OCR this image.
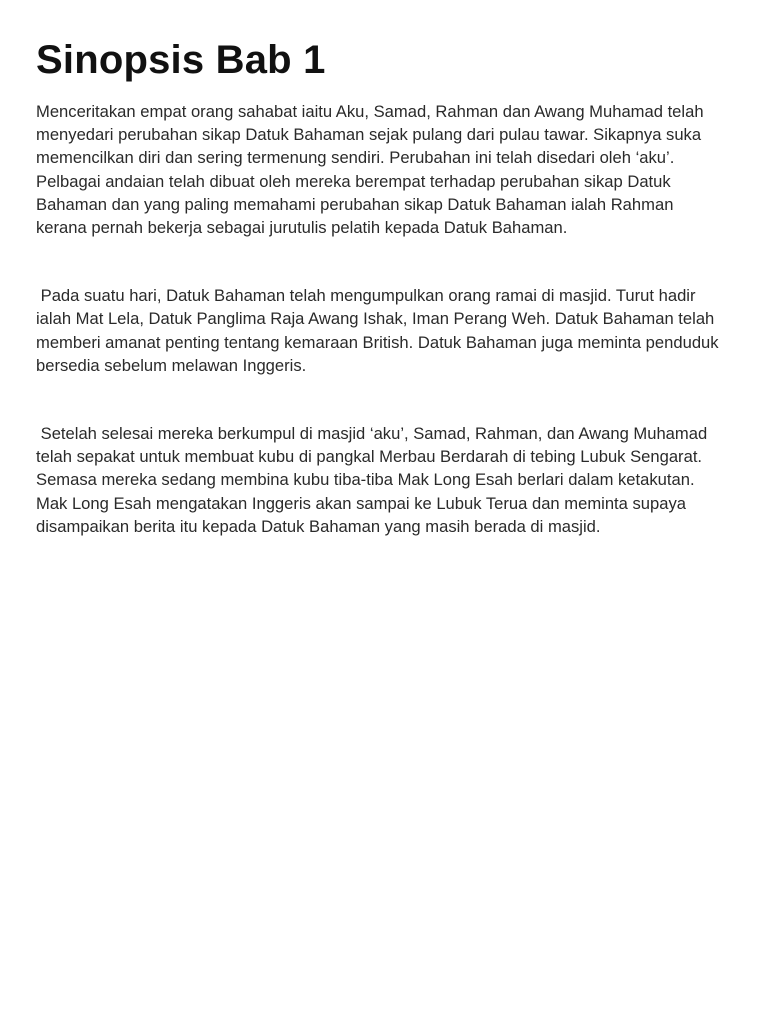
Sinopsis Bab 1

Menceritakan empat orang sahabat iaitu Aku, Samad, Rahman dan Awang Muhamad telah menyedari perubahan sikap Datuk Bahaman sejak pulang dari pulau tawar. Sikapnya suka memencilkan diri dan sering termenung sendiri. Perubahan ini telah disedari oleh ‘aku’. Pelbagai andaian telah dibuat oleh mereka berempat terhadap perubahan sikap Datuk Bahaman dan yang paling memahami perubahan sikap Datuk Bahaman ialah Rahman kerana pernah bekerja sebagai jurutulis pelatih kepada Datuk Bahaman.

Pada suatu hari, Datuk Bahaman telah mengumpulkan orang ramai di masjid. Turut hadir ialah Mat Lela, Datuk Panglima Raja Awang Ishak, Iman Perang Weh. Datuk Bahaman telah memberi amanat penting tentang kemaraan British. Datuk Bahaman juga meminta penduduk bersedia sebelum melawan Inggeris.

Setelah selesai mereka berkumpul di masjid ‘aku’, Samad, Rahman, dan Awang Muhamad telah sepakat untuk membuat kubu di pangkal Merbau Berdarah di tebing Lubuk Sengarat. Semasa mereka sedang membina kubu tiba-tiba Mak Long Esah berlari dalam ketakutan. Mak Long Esah mengatakan Inggeris akan sampai ke Lubuk Terua dan meminta supaya disampaikan berita itu kepada Datuk Bahaman yang masih berada di masjid.
